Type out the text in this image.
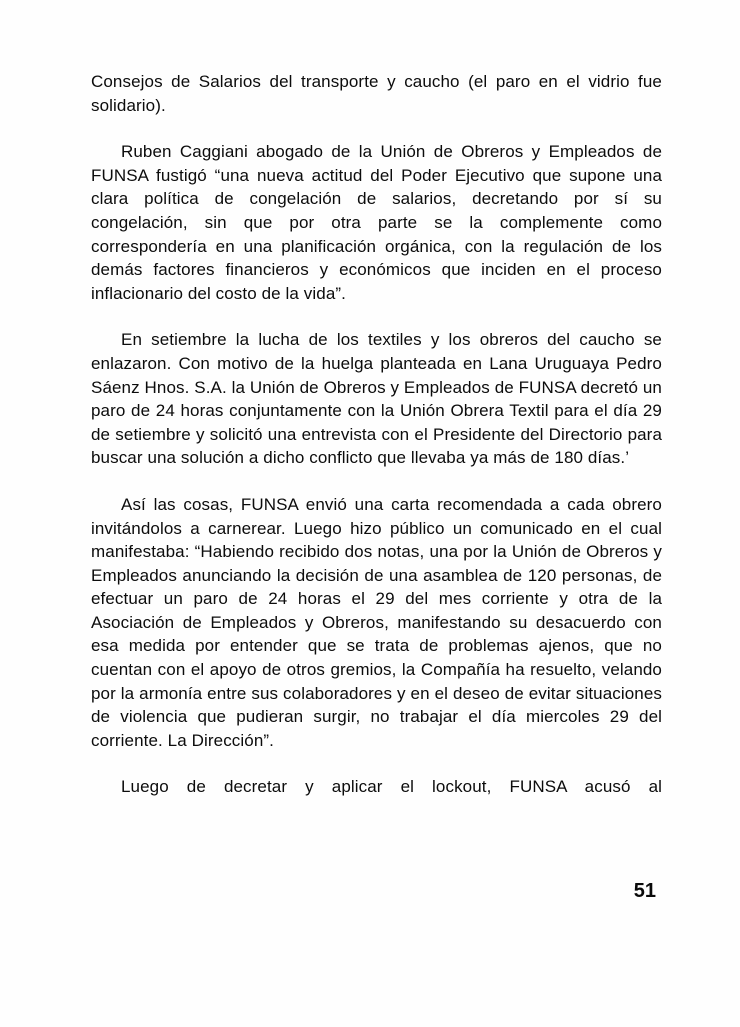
Consejos de Salarios del transporte y caucho (el paro en el vidrio fue solidario).

Ruben Caggiani abogado de la Unión de Obreros y Empleados de FUNSA fustigó “una nueva actitud del Poder Ejecutivo que supone una clara política de congelación de salarios, decretando por sí su congelación, sin que por otra parte se la complemente como correspondería en una planificación orgánica, con la regulación de los demás factores financieros y económicos que inciden en el proceso inflacionario del costo de la vida”.

En setiembre la lucha de los textiles y los obreros del caucho se enlazaron. Con motivo de la huelga planteada en Lana Uruguaya Pedro Sáenz Hnos. S.A. la Unión de Obreros y Empleados de FUNSA decretó un paro de 24 horas conjuntamente con la Unión Obrera Textil para el día 29 de setiembre y solicitó una entrevista con el Presidente del Directorio para buscar una solución a dicho conflicto que llevaba ya más de 180 días.’

Así las cosas, FUNSA envió una carta recomendada a cada obrero invitándolos a carnerear. Luego hizo público un comunicado en el cual manifestaba: “Habiendo recibido dos notas, una por la Unión de Obreros y Empleados anunciando la decisión de una asamblea de 120 personas, de efectuar un paro de 24 horas el 29 del mes corriente y otra de la Asociación de Empleados y Obreros, manifestando su desacuerdo con esa medida por entender que se trata de problemas ajenos, que no cuentan con el apoyo de otros gremios, la Compañía ha resuelto, velando por la armonía entre sus colaboradores y en el deseo de evitar situaciones de violencia que pudieran surgir, no trabajar el día miercoles 29 del corriente. La Dirección”.

Luego de decretar y aplicar el lockout, FUNSA acusó al

51
